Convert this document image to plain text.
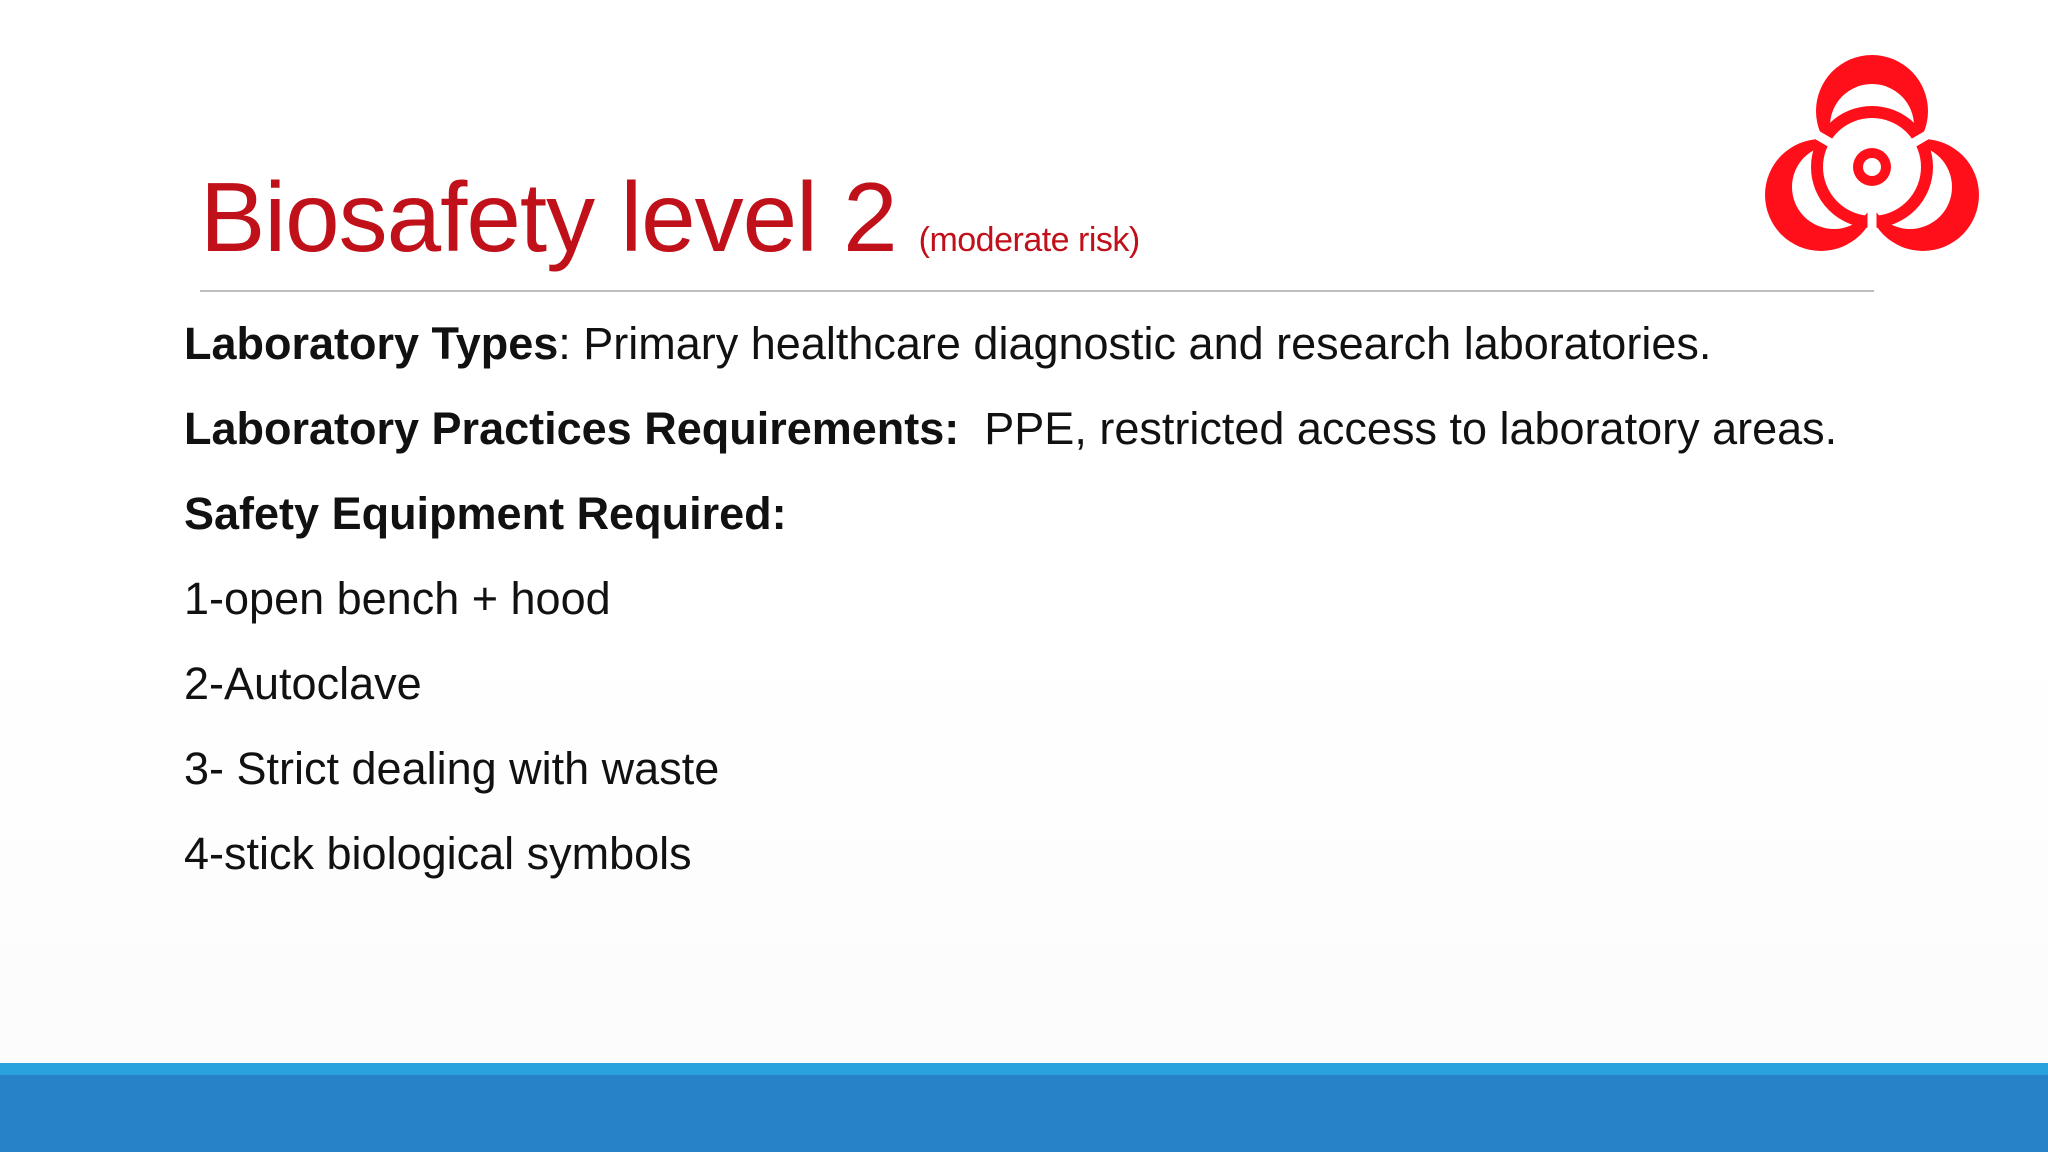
Biosafety level 2 (moderate risk)
Laboratory Types: Primary healthcare diagnostic and research laboratories.
Laboratory Practices Requirements: PPE, restricted access to laboratory areas.
Safety Equipment Required:
1-open bench + hood
2-Autoclave
3- Strict dealing with waste
4-stick biological symbols
